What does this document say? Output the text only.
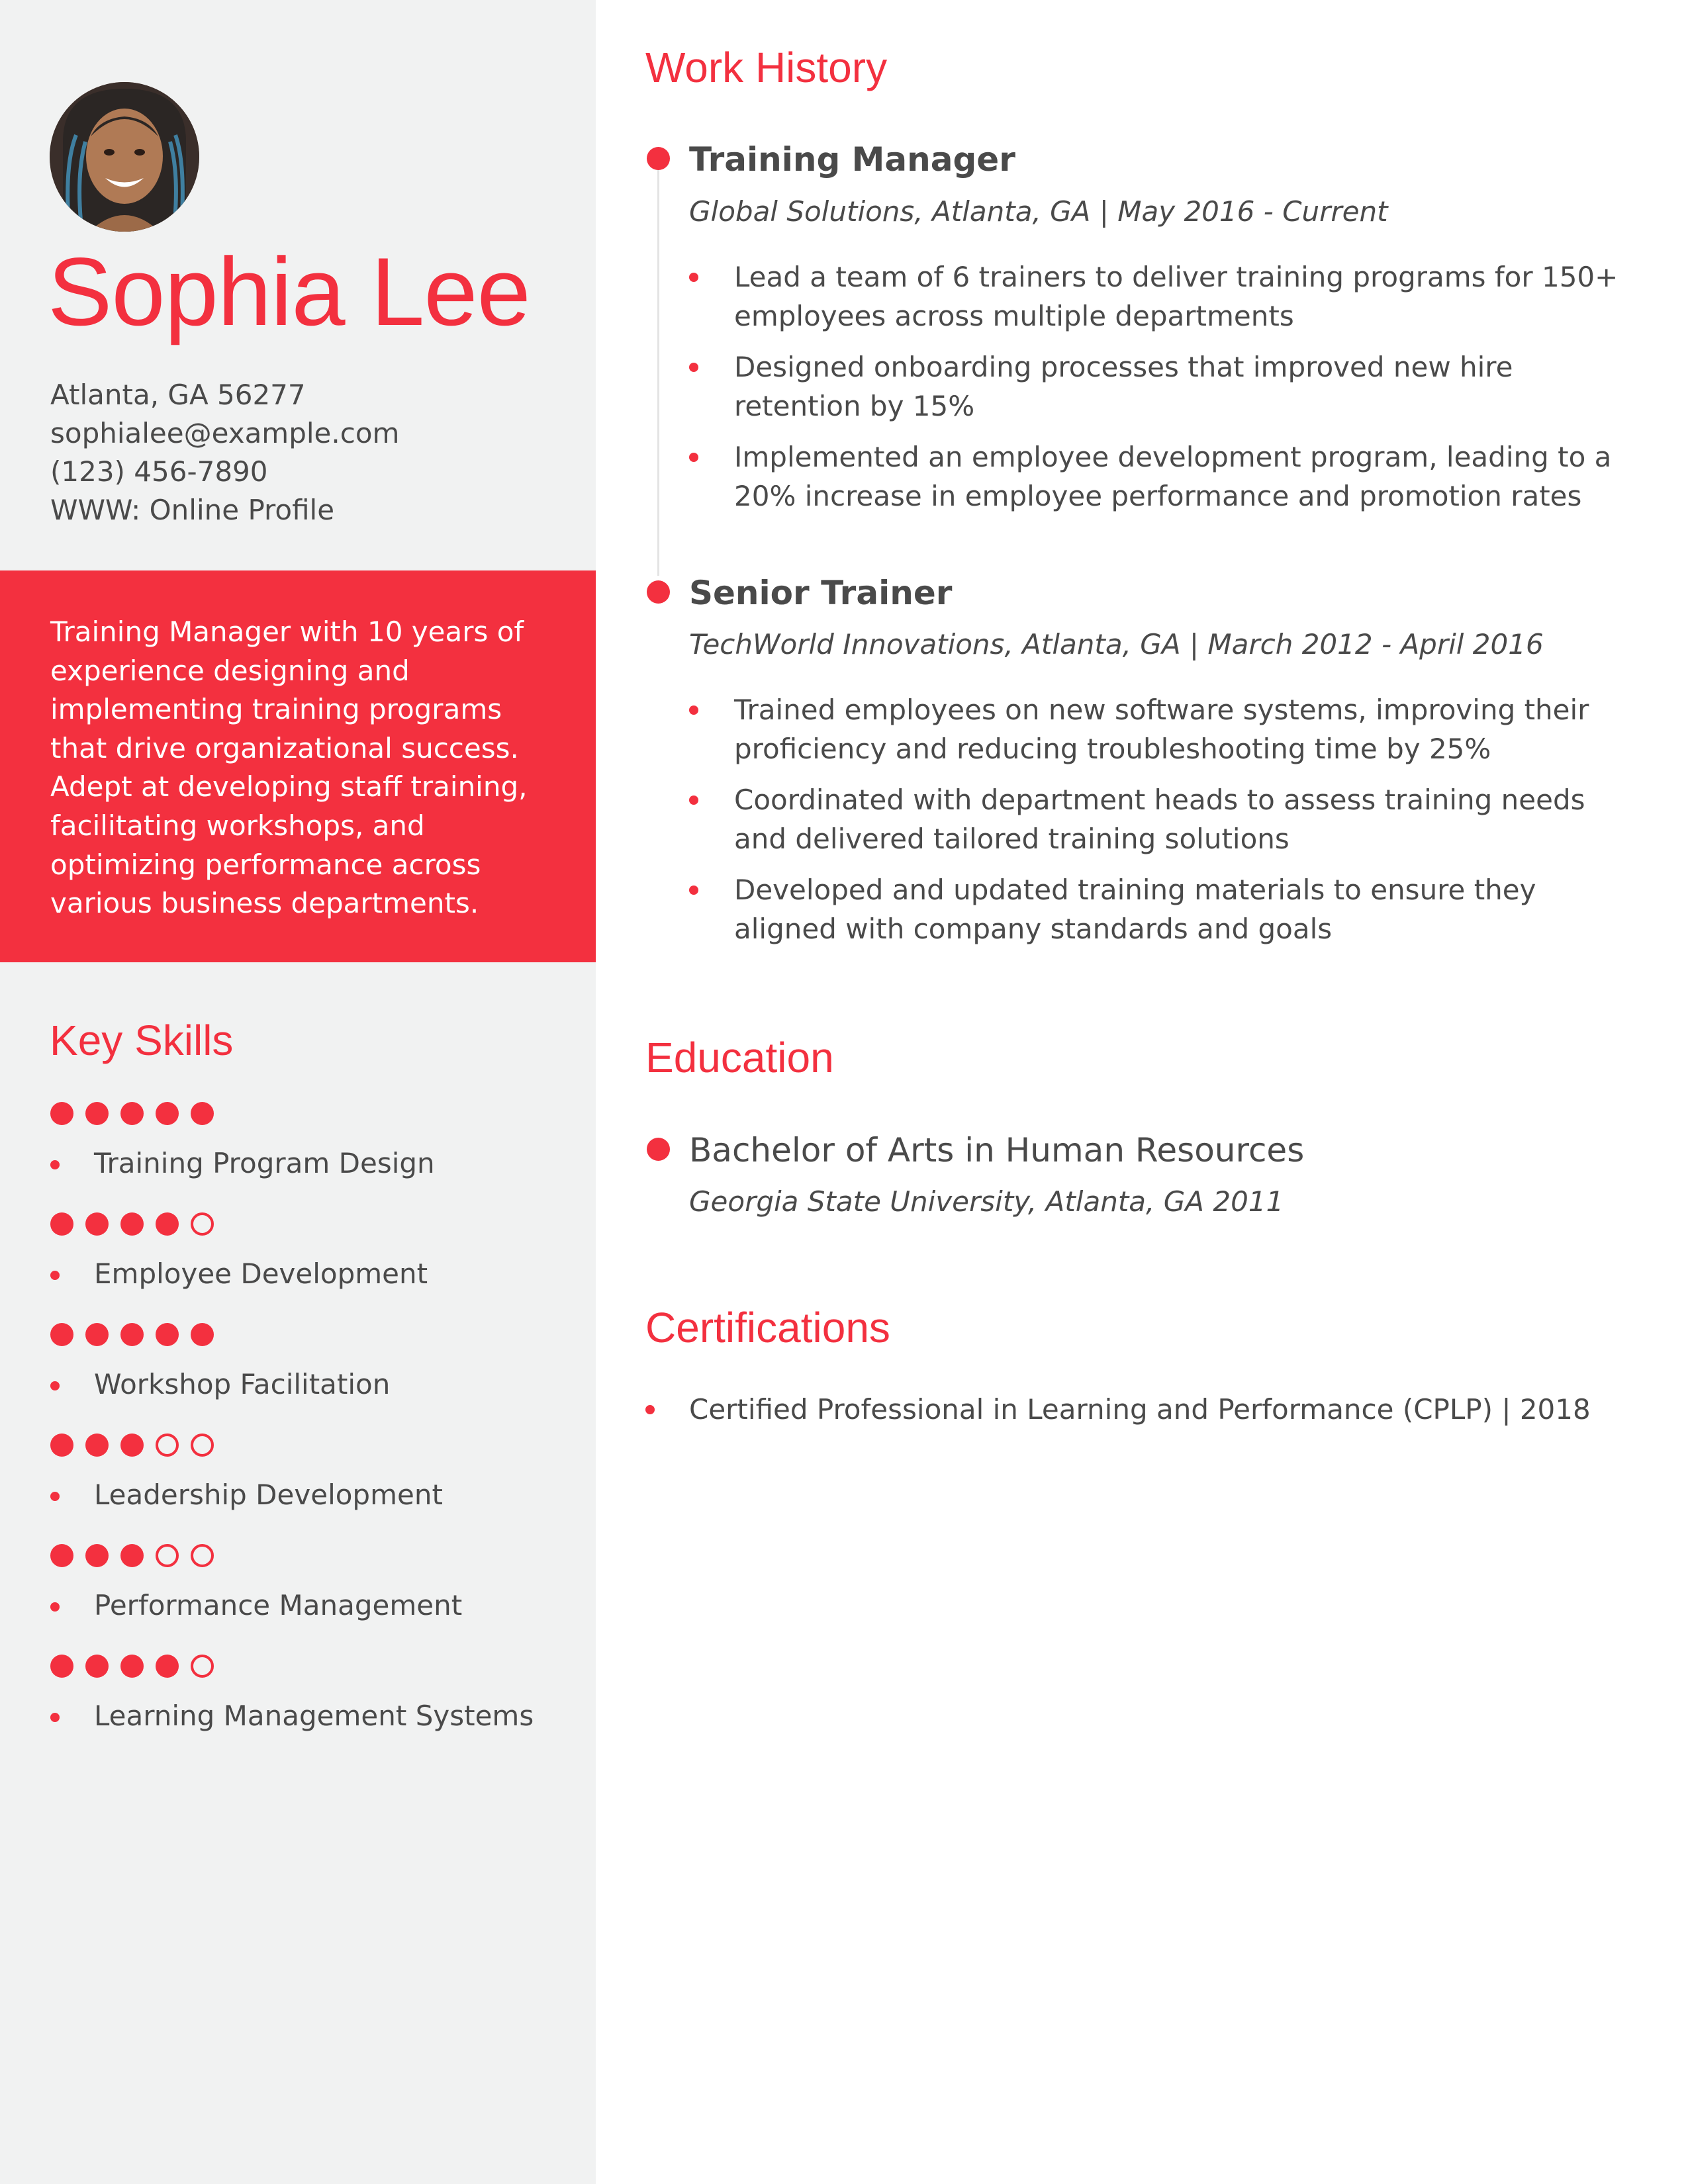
Sophia Lee
Atlanta, GA 56277
sophialee@example.com
(123) 456-7890
WWW: Online Profile
Training Manager with 10 years of experience designing and implementing training programs that drive organizational success. Adept at developing staff training, facilitating workshops, and optimizing performance across various business departments.
Key Skills
Training Program Design
Employee Development
Workshop Facilitation
Leadership Development
Performance Management
Learning Management Systems
Work History
Training Manager
Global Solutions, Atlanta, GA | May 2016 - Current
Lead a team of 6 trainers to deliver training programs for 150+ employees across multiple departments
Designed onboarding processes that improved new hire retention by 15%
Implemented an employee development program, leading to a 20% increase in employee performance and promotion rates
Senior Trainer
TechWorld Innovations, Atlanta, GA | March 2012 - April 2016
Trained employees on new software systems, improving their proficiency and reducing troubleshooting time by 25%
Coordinated with department heads to assess training needs and delivered tailored training solutions
Developed and updated training materials to ensure they aligned with company standards and goals
Education
Bachelor of Arts in Human Resources
Georgia State University, Atlanta, GA 2011
Certifications
Certified Professional in Learning and Performance (CPLP) | 2018
